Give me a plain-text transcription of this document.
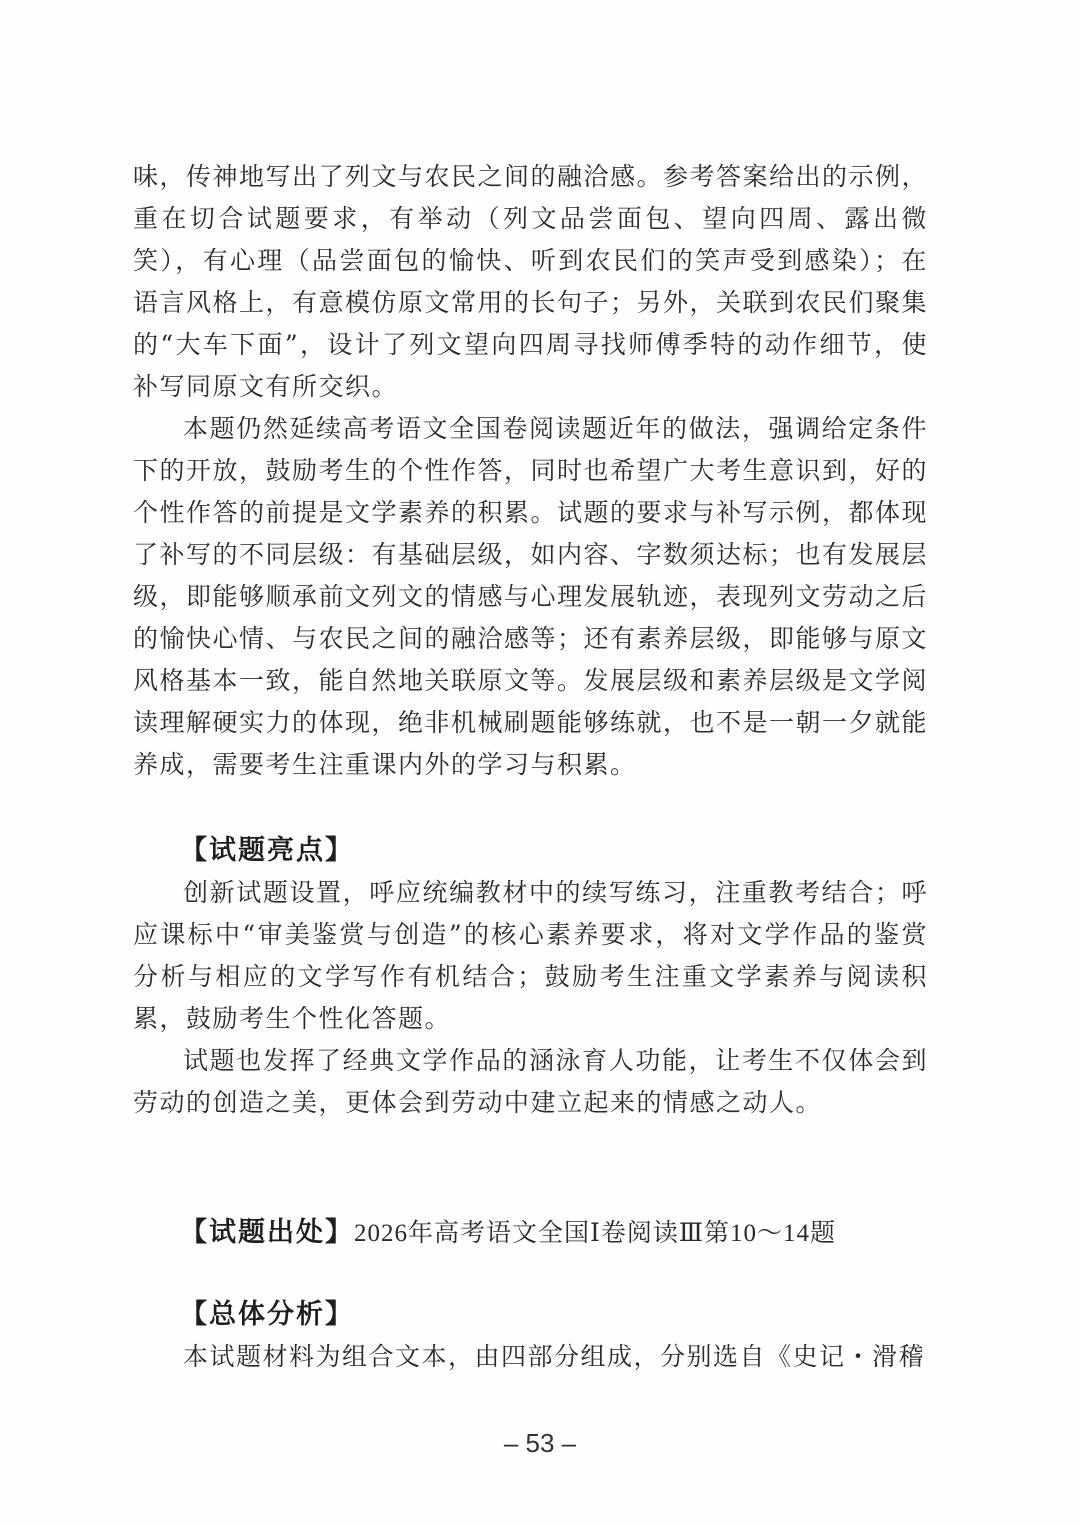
味，传神地写出了列文与农民之间的融洽感。参考答案给出的示例，重在切合试题要求，有举动（列文品尝面包、望向四周、露出微笑），有心理（品尝面包的愉快、听到农民们的笑声受到感染）；在语言风格上，有意模仿原文常用的长句子；另外，关联到农民们聚集的“大车下面”，设计了列文望向四周寻找师傅季特的动作细节，使补写同原文有所交织。

本题仍然延续高考语文全国卷阅读题近年的做法，强调给定条件下的开放，鼓励考生的个性作答，同时也希望广大考生意识到，好的个性作答的前提是文学素养的积累。试题的要求与补写示例，都体现了补写的不同层级：有基础层级，如内容、字数须达标；也有发展层级，即能够顺承前文列文的情感与心理发展轨迹，表现列文劳动之后的愉快心情、与农民之间的融洽感等；还有素养层级，即能够与原文风格基本一致，能自然地关联原文等。发展层级和素养层级是文学阅读理解硬实力的体现，绝非机械刷题能够练就，也不是一朝一夕就能养成，需要考生注重课内外的学习与积累。

【试题亮点】

创新试题设置，呼应统编教材中的续写练习，注重教考结合；呼应课标中“审美鉴赏与创造”的核心素养要求，将对文学作品的鉴赏分析与相应的文学写作有机结合；鼓励考生注重文学素养与阅读积累，鼓励考生个性化答题。

试题也发挥了经典文学作品的涵泳育人功能，让考生不仅体会到劳动的创造之美，更体会到劳动中建立起来的情感之动人。

【试题出处】2026年高考语文全国Ⅰ卷阅读Ⅲ第10～14题
【总体分析】

本试题材料为组合文本，由四部分组成，分别选自《史记・滑稽

– 53 –
